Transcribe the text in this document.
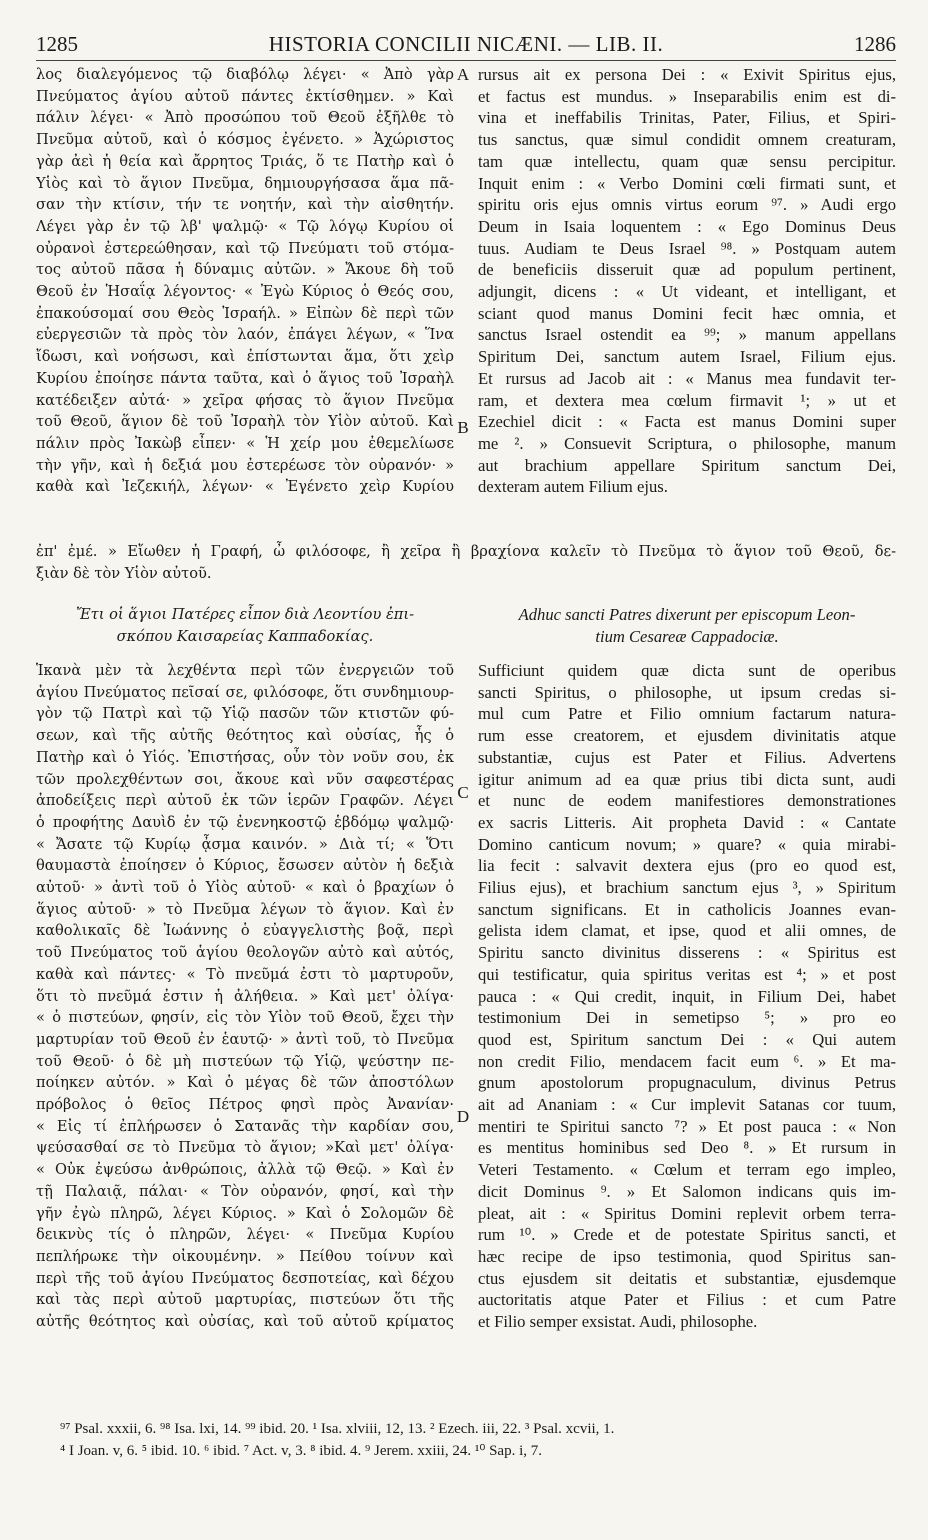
1285	HISTORIA CONCILII NICÆNI. — LIB. II.	1286
λος διαλεγόμενος τῷ διαβόλῳ λέγει· « Ἀπὸ γὰρ
Πνεύματος ἁγίου αὐτοῦ πάντες ἐκτίσθημεν. » Καὶ
πάλιν λέγει· « Ἀπὸ προσώπου τοῦ Θεοῦ ἐξῆλθε τὸ
Πνεῦμα αὐτοῦ, καὶ ὁ κόσμος ἐγένετο. » Ἀχώριστος
γὰρ ἀεὶ ἡ θεία καὶ ἄρρητος Τριάς, ὅ τε Πατὴρ καὶ ὁ
Υἱὸς καὶ τὸ ἅγιον Πνεῦμα, δημιουργήσασα ἅμα πᾶ-
σαν τὴν κτίσιν, τήν τε νοητήν, καὶ τὴν αἰσθητήν.
Λέγει γὰρ ἐν τῷ λβ' ψαλμῷ· « Τῷ λόγῳ Κυρίου οἱ
οὐρανοὶ ἐστερεώθησαν, καὶ τῷ Πνεύματι τοῦ στόμα-
τος αὐτοῦ πᾶσα ἡ δύναμις αὐτῶν. » Ἄκουε δὴ τοῦ
Θεοῦ ἐν Ἡσαΐᾳ λέγοντος· « Ἐγὼ Κύριος ὁ Θεός σου,
ἐπακούσομαί σου Θεὸς Ἰσραήλ. » Εἰπὼν δὲ περὶ τῶν
εὐεργεσιῶν τὰ πρὸς τὸν λαόν, ἐπάγει λέγων, « Ἵνα
ἴδωσι, καὶ νοήσωσι, καὶ ἐπίστωνται ἅμα, ὅτι χεὶρ
Κυρίου ἐποίησε πάντα ταῦτα, καὶ ὁ ἅγιος τοῦ Ἰσραὴλ
κατέδειξεν αὐτά· » χεῖρα φήσας τὸ ἅγιον Πνεῦμα
τοῦ Θεοῦ, ἅγιον δὲ τοῦ Ἰσραὴλ τὸν Υἱὸν αὐτοῦ. Καὶ
πάλιν πρὸς Ἰακὼβ εἶπεν· « Ἡ χείρ μου ἐθεμελίωσε
τὴν γῆν, καὶ ἡ δεξιά μου ἐστερέωσε τὸν οὐρανόν· »
καθὰ καὶ Ἰεζεκιήλ, λέγων· « Ἐγένετο χεὶρ Κυρίου
rursus ait ex persona Dei : « Exivit Spiritus ejus,
et factus est mundus. » Inseparabilis enim est di-
vina et ineffabilis Trinitas, Pater, Filius, et Spiri-
tus sanctus, quæ simul condidit omnem creaturam,
tam quæ intellectu, quam quæ sensu percipitur.
Inquit enim : « Verbo Domini cœli firmati sunt, et
spiritu oris ejus omnis virtus eorum ⁹⁷. » Audi ergo
Deum in Isaia loquentem : « Ego Dominus Deus
tuus. Audiam te Deus Israel ⁹⁸. » Postquam autem
de beneficiis disseruit quæ ad populum pertinent,
adjungit, dicens : « Ut videant, et intelligant, et
sciant quod manus Domini fecit hæc omnia, et
sanctus Israel ostendit ea ⁹⁹; » manum appellans
Spiritum Dei, sanctum autem Israel, Filium ejus.
Et rursus ad Jacob ait : « Manus mea fundavit ter-
ram, et dextera mea cœlum firmavit ¹; » ut et
Ezechiel dicit : « Facta est manus Domini super
me ². » Consuevit Scriptura, o philosophe, manum
aut brachium appellare Spiritum sanctum Dei,
dexteram autem Filium ejus.
A
B
C
D
ἐπ' ἐμέ. » Εἴωθεν ἡ Γραφή, ὦ φιλόσοφε, ἢ χεῖρα ἢ βραχίονα καλεῖν τὸ Πνεῦμα τὸ ἅγιον τοῦ Θεοῦ, δε-
ξιὰν δὲ τὸν Υἱὸν αὐτοῦ.
Ἔτι οἱ ἅγιοι Πατέρες εἶπον διὰ Λεοντίου ἐπι-
σκόπου Καισαρείας Καππαδοκίας.
Adhuc sancti Patres dixerunt per episcopum Leon-
tium Cesareæ Cappadociæ.
Ἱκανὰ μὲν τὰ λεχθέντα περὶ τῶν ἐνεργειῶν τοῦ
ἁγίου Πνεύματος πεῖσαί σε, φιλόσοφε, ὅτι συνδημιουρ-
γὸν τῷ Πατρὶ καὶ τῷ Υἱῷ πασῶν τῶν κτιστῶν φύ-
σεων, καὶ τῆς αὐτῆς θεότητος καὶ οὐσίας, ἧς ὁ
Πατὴρ καὶ ὁ Υἱός. Ἐπιστήσας, οὖν τὸν νοῦν σου, ἐκ
τῶν προλεχθέντων σοι, ἄκουε καὶ νῦν σαφεστέρας
ἀποδείξεις περὶ αὐτοῦ ἐκ τῶν ἱερῶν Γραφῶν. Λέγει
ὁ προφήτης Δαυὶδ ἐν τῷ ἐνενηκοστῷ ἑβδόμῳ ψαλμῷ·
« Ἄσατε τῷ Κυρίῳ ᾆσμα καινόν. » Διὰ τί; « Ὅτι
θαυμαστὰ ἐποίησεν ὁ Κύριος, ἔσωσεν αὐτὸν ἡ δεξιὰ
αὐτοῦ· » ἀντὶ τοῦ ὁ Υἱὸς αὐτοῦ· « καὶ ὁ βραχίων ὁ
ἅγιος αὐτοῦ· » τὸ Πνεῦμα λέγων τὸ ἅγιον. Καὶ ἐν
καθολικαῖς δὲ Ἰωάννης ὁ εὐαγγελιστὴς βοᾷ, περὶ
τοῦ Πνεύματος τοῦ ἁγίου θεολογῶν αὐτὸ καὶ αὐτός,
καθὰ καὶ πάντες· « Τὸ πνεῦμά ἐστι τὸ μαρτυροῦν,
ὅτι τὸ πνεῦμά ἐστιν ἡ ἀλήθεια. » Καὶ μετ' ὀλίγα·
« ὁ πιστεύων, φησίν, εἰς τὸν Υἱὸν τοῦ Θεοῦ, ἔχει τὴν
μαρτυρίαν τοῦ Θεοῦ ἐν ἑαυτῷ· » ἀντὶ τοῦ, τὸ Πνεῦμα
τοῦ Θεοῦ· ὁ δὲ μὴ πιστεύων τῷ Υἱῷ, ψεύστην πε-
ποίηκεν αὐτόν. » Καὶ ὁ μέγας δὲ τῶν ἀποστόλων
πρόβολος ὁ θεῖος Πέτρος φησὶ πρὸς Ἀνανίαν·
« Εἰς τί ἐπλήρωσεν ὁ Σατανᾶς τὴν καρδίαν σου,
ψεύσασθαί σε τὸ Πνεῦμα τὸ ἅγιον; »Καὶ μετ' ὀλίγα·
« Οὐκ ἐψεύσω ἀνθρώποις, ἀλλὰ τῷ Θεῷ. » Καὶ ἐν
τῇ Παλαιᾷ, πάλαι· « Τὸν οὐρανόν, φησί, καὶ τὴν
γῆν ἐγὼ πληρῶ, λέγει Κύριος. » Καὶ ὁ Σολομῶν δὲ
δεικνὺς τίς ὁ πληρῶν, λέγει· « Πνεῦμα Κυρίου
πεπλήρωκε τὴν οἰκουμένην. » Πείθου τοίνυν καὶ
περὶ τῆς τοῦ ἁγίου Πνεύματος δεσποτείας, καὶ δέχου
καὶ τὰς περὶ αὐτοῦ μαρτυρίας, πιστεύων ὅτι τῆς
αὐτῆς θεότητος καὶ οὐσίας, καὶ τοῦ αὐτοῦ κρίματος
Sufficiunt quidem quæ dicta sunt de operibus
sancti Spiritus, o philosophe, ut ipsum credas si-
mul cum Patre et Filio omnium factarum natura-
rum esse creatorem, et ejusdem divinitatis atque
substantiæ, cujus est Pater et Filius. Advertens
igitur animum ad ea quæ prius tibi dicta sunt, audi
et nunc de eodem manifestiores demonstrationes
ex sacris Litteris. Ait propheta David : « Cantate
Domino canticum novum; » quare? « quia mirabi-
lia fecit : salvavit dextera ejus (pro eo quod est,
Filius ejus), et brachium sanctum ejus ³, » Spiritum
sanctum significans. Et in catholicis Joannes evan-
gelista idem clamat, et ipse, quod et alii omnes, de
Spiritu sancto divinitus disserens : « Spiritus est
qui testificatur, quia spiritus veritas est ⁴; » et post
pauca : « Qui credit, inquit, in Filium Dei, habet
testimonium Dei in semetipso ⁵; » pro eo
quod est, Spiritum sanctum Dei : « Qui autem
non credit Filio, mendacem facit eum ⁶. » Et ma-
gnum apostolorum propugnaculum, divinus Petrus
ait ad Ananiam : « Cur implevit Satanas cor tuum,
mentiri te Spiritui sancto ⁷? » Et post pauca : « Non
es mentitus hominibus sed Deo ⁸. » Et rursum in
Veteri Testamento. « Cœlum et terram ego impleo,
dicit Dominus ⁹. » Et Salomon indicans quis im-
pleat, ait : « Spiritus Domini replevit orbem terra-
rum ¹⁰. » Crede et de potestate Spiritus sancti, et
hæc recipe de ipso testimonia, quod Spiritus san-
ctus ejusdem sit deitatis et substantiæ, ejusdemque
auctoritatis atque Pater et Filius : et cum Patre
et Filio semper exsistat. Audi, philosophe.
⁹⁷ Psal. xxxii, 6. ⁹⁸ Isa. lxi, 14. ⁹⁹ ibid. 20. ¹ Isa. xlviii, 12, 13. ² Ezech. iii, 22. ³ Psal. xcvii, 1.
⁴ I Joan. v, 6. ⁵ ibid. 10. ⁶ ibid. ⁷ Act. v, 3. ⁸ ibid. 4. ⁹ Jerem. xxiii, 24. ¹⁰ Sap. i, 7.
